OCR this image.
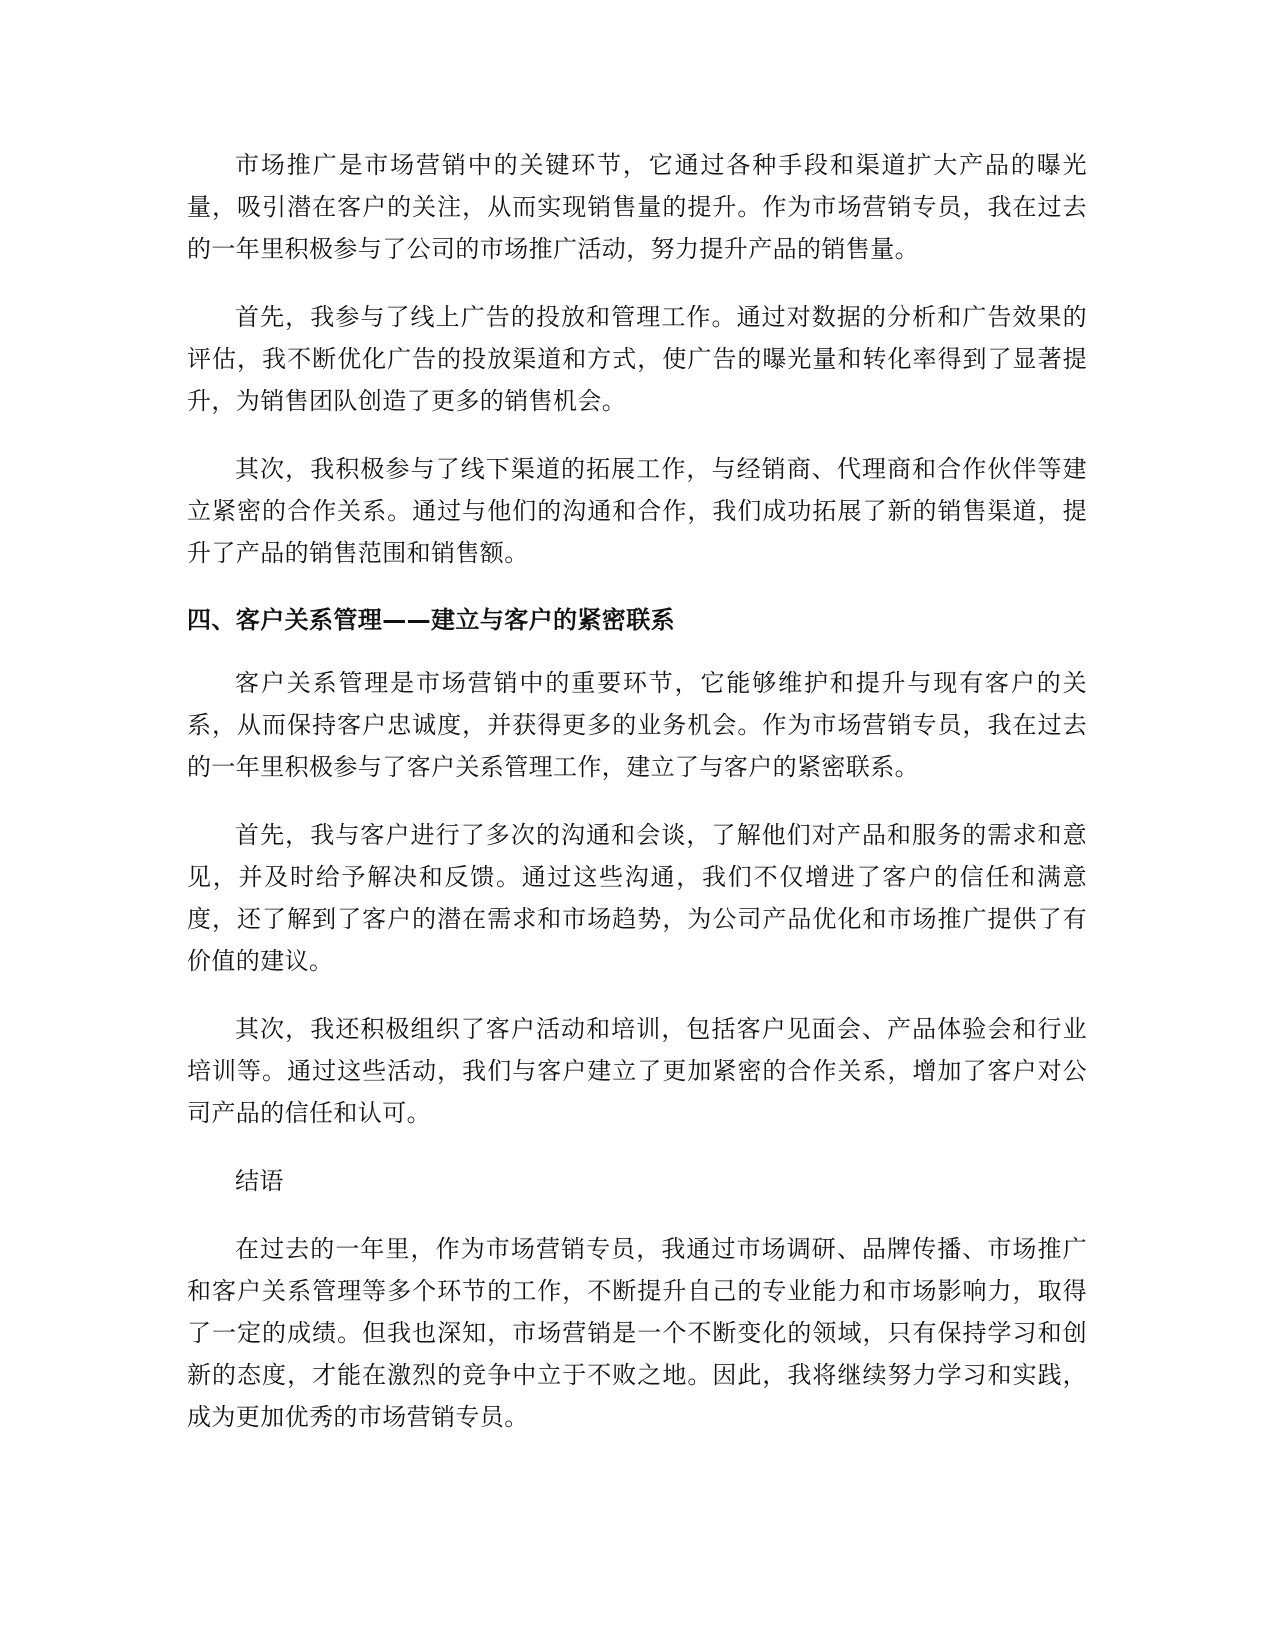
市场推广是市场营销中的关键环节，它通过各种手段和渠道扩大产品的曝光量，吸引潜在客户的关注，从而实现销售量的提升。作为市场营销专员，我在过去的一年里积极参与了公司的市场推广活动，努力提升产品的销售量。

首先，我参与了线上广告的投放和管理工作。通过对数据的分析和广告效果的评估，我不断优化广告的投放渠道和方式，使广告的曝光量和转化率得到了显著提升，为销售团队创造了更多的销售机会。

其次，我积极参与了线下渠道的拓展工作，与经销商、代理商和合作伙伴等建立紧密的合作关系。通过与他们的沟通和合作，我们成功拓展了新的销售渠道，提升了产品的销售范围和销售额。

四、客户关系管理——建立与客户的紧密联系

客户关系管理是市场营销中的重要环节，它能够维护和提升与现有客户的关系，从而保持客户忠诚度，并获得更多的业务机会。作为市场营销专员，我在过去的一年里积极参与了客户关系管理工作，建立了与客户的紧密联系。

首先，我与客户进行了多次的沟通和会谈，了解他们对产品和服务的需求和意见，并及时给予解决和反馈。通过这些沟通，我们不仅增进了客户的信任和满意度，还了解到了客户的潜在需求和市场趋势，为公司产品优化和市场推广提供了有价值的建议。

其次，我还积极组织了客户活动和培训，包括客户见面会、产品体验会和行业培训等。通过这些活动，我们与客户建立了更加紧密的合作关系，增加了客户对公司产品的信任和认可。

结语

在过去的一年里，作为市场营销专员，我通过市场调研、品牌传播、市场推广和客户关系管理等多个环节的工作，不断提升自己的专业能力和市场影响力，取得了一定的成绩。但我也深知，市场营销是一个不断变化的领域，只有保持学习和创新的态度，才能在激烈的竞争中立于不败之地。因此，我将继续努力学习和实践，成为更加优秀的市场营销专员。
